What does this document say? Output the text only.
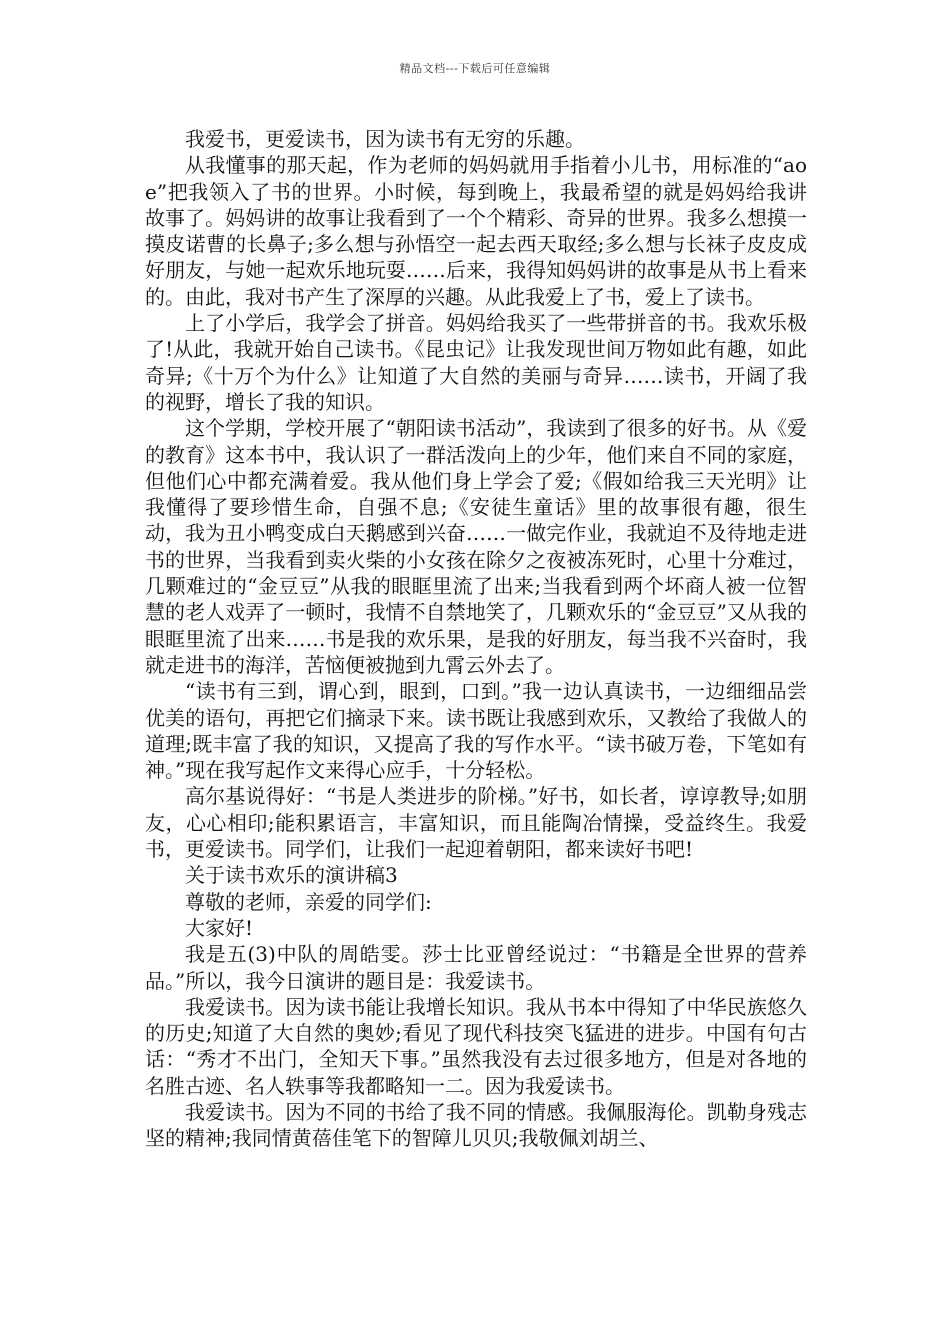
精品文档---下载后可任意编辑

我爱书，更爱读书，因为读书有无穷的乐趣。

从我懂事的那天起，作为老师的妈妈就用手指着小儿书，用标准的“aoe”把我领入了书的世界。小时候，每到晚上，我最希望的就是妈妈给我讲故事了。妈妈讲的故事让我看到了一个个精彩、奇异的世界。我多么想摸一摸皮诺曹的长鼻子;多么想与孙悟空一起去西天取经;多么想与长袜子皮皮成好朋友，与她一起欢乐地玩耍……后来，我得知妈妈讲的故事是从书上看来的。由此，我对书产生了深厚的兴趣。从此我爱上了书，爱上了读书。

上了小学后，我学会了拼音。妈妈给我买了一些带拼音的书。我欢乐极了!从此，我就开始自己读书。《昆虫记》让我发现世间万物如此有趣，如此奇异;《十万个为什么》让知道了大自然的美丽与奇异……读书，开阔了我的视野，增长了我的知识。

这个学期，学校开展了“朝阳读书活动”，我读到了很多的好书。从《爱的教育》这本书中，我认识了一群活泼向上的少年，他们来自不同的家庭，但他们心中都充满着爱。我从他们身上学会了爱;《假如给我三天光明》让我懂得了要珍惜生命，自强不息;《安徒生童话》里的故事很有趣，很生动，我为丑小鸭变成白天鹅感到兴奋……一做完作业，我就迫不及待地走进书的世界，当我看到卖火柴的小女孩在除夕之夜被冻死时，心里十分难过，几颗难过的“金豆豆”从我的眼眶里流了出来;当我看到两个坏商人被一位智慧的老人戏弄了一顿时，我情不自禁地笑了，几颗欢乐的“金豆豆”又从我的眼眶里流了出来……书是我的欢乐果，是我的好朋友，每当我不兴奋时，我就走进书的海洋，苦恼便被抛到九霄云外去了。

“读书有三到，谓心到，眼到，口到。”我一边认真读书，一边细细品尝优美的语句，再把它们摘录下来。读书既让我感到欢乐，又教给了我做人的道理;既丰富了我的知识，又提高了我的写作水平。“读书破万卷，下笔如有神。”现在我写起作文来得心应手，十分轻松。

高尔基说得好：“书是人类进步的阶梯。”好书，如长者，谆谆教导;如朋友，心心相印;能积累语言，丰富知识，而且能陶冶情操，受益终生。我爱书，更爱读书。同学们，让我们一起迎着朝阳，都来读好书吧!

关于读书欢乐的演讲稿3

尊敬的老师，亲爱的同学们:

大家好!

我是五(3)中队的周皓雯。莎士比亚曾经说过：“书籍是全世界的营养品。”所以，我今日演讲的题目是：我爱读书。

我爱读书。因为读书能让我增长知识。我从书本中得知了中华民族悠久的历史;知道了大自然的奥妙;看见了现代科技突飞猛进的进步。中国有句古话：“秀才不出门，全知天下事。”虽然我没有去过很多地方，但是对各地的名胜古迹、名人轶事等我都略知一二。因为我爱读书。

我爱读书。因为不同的书给了我不同的情感。我佩服海伦。凯勒身残志坚的精神;我同情黄蓓佳笔下的智障儿贝贝;我敬佩刘胡兰、
